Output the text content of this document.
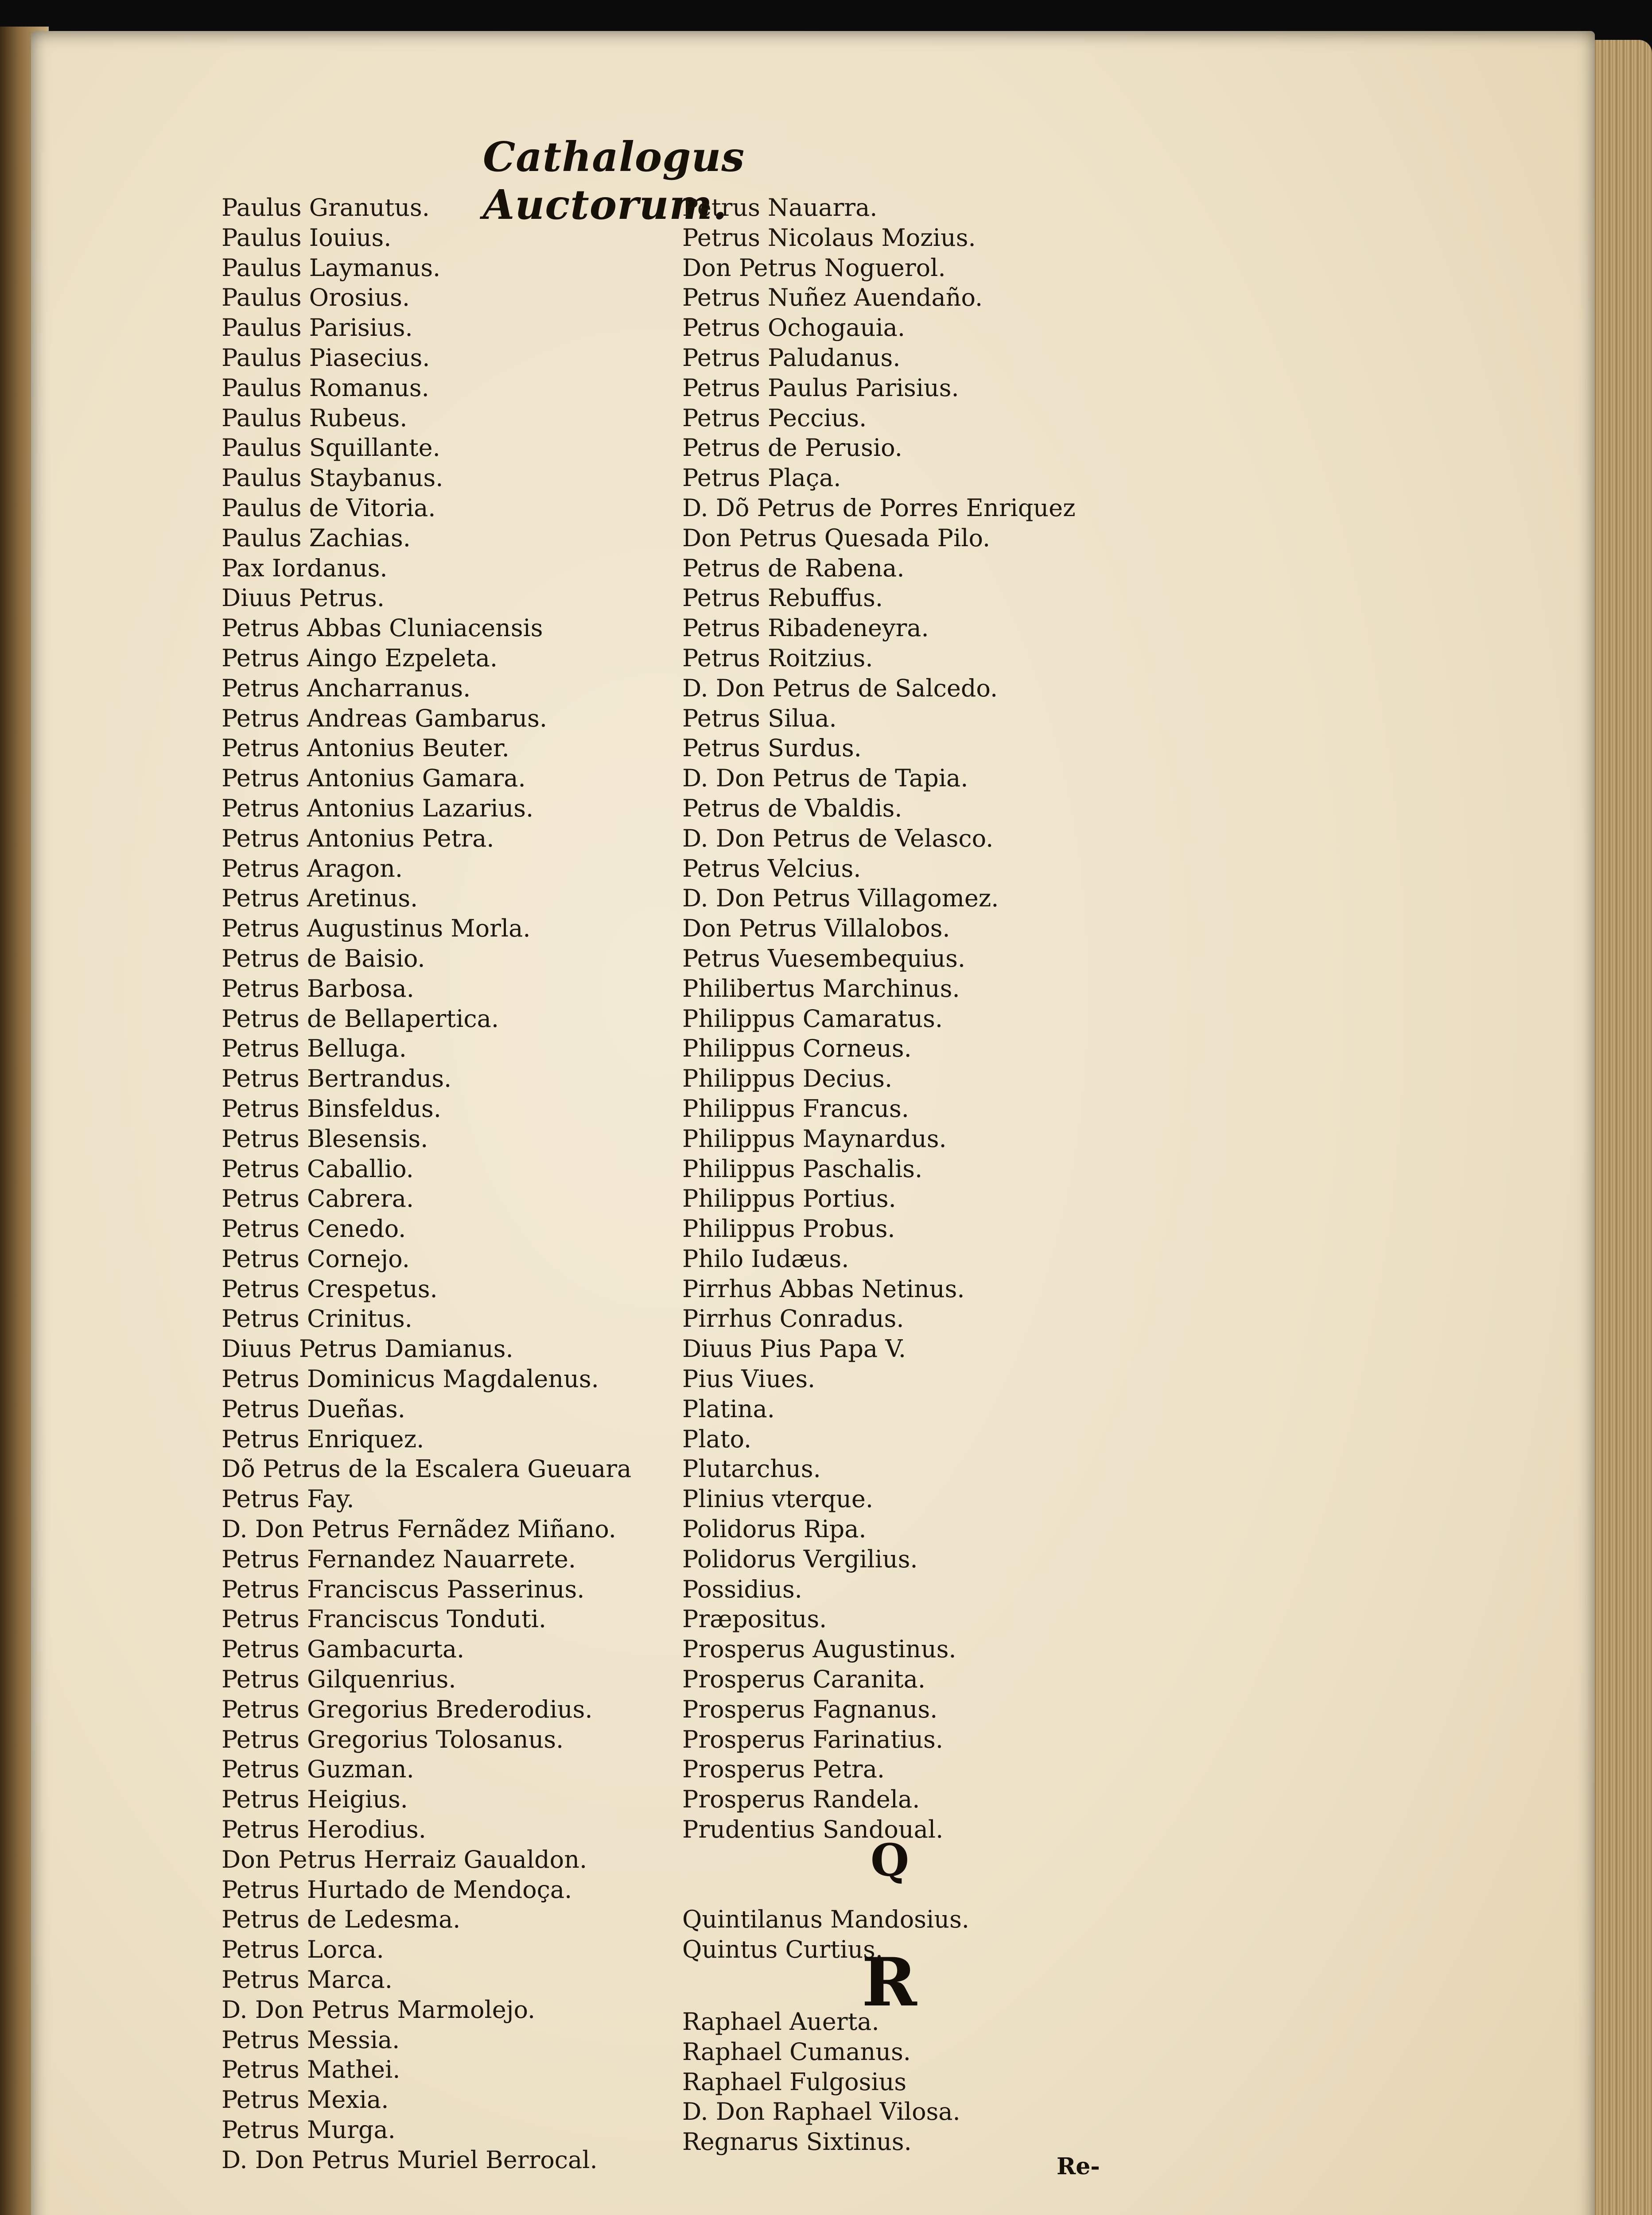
Cathalogus Auctorum.
Paulus Granutus.
Paulus Iouius.
Paulus Laymanus.
Paulus Orosius.
Paulus Parisius.
Paulus Piasecius.
Paulus Romanus.
Paulus Rubeus.
Paulus Squillante.
Paulus Staybanus.
Paulus de Vitoria.
Paulus Zachias.
Pax Iordanus.
Diuus Petrus.
Petrus Abbas Cluniacensis
Petrus Aingo Ezpeleta.
Petrus Ancharranus.
Petrus Andreas Gambarus.
Petrus Antonius Beuter.
Petrus Antonius Gamara.
Petrus Antonius Lazarius.
Petrus Antonius Petra.
Petrus Aragon.
Petrus Aretinus.
Petrus Augustinus Morla.
Petrus de Baisio.
Petrus Barbosa.
Petrus de Bellapertica.
Petrus Belluga.
Petrus Bertrandus.
Petrus Binsfeldus.
Petrus Blesensis.
Petrus Caballio.
Petrus Cabrera.
Petrus Cenedo.
Petrus Cornejo.
Petrus Crespetus.
Petrus Crinitus.
Diuus Petrus Damianus.
Petrus Dominicus Magdalenus.
Petrus Dueñas.
Petrus Enriquez.
Dõ Petrus de la Escalera Gueuara
Petrus Fay.
D. Don Petrus Fernãdez Miñano.
Petrus Fernandez Nauarrete.
Petrus Franciscus Passerinus.
Petrus Franciscus Tonduti.
Petrus Gambacurta.
Petrus Gilquenrius.
Petrus Gregorius Brederodius.
Petrus Gregorius Tolosanus.
Petrus Guzman.
Petrus Heigius.
Petrus Herodius.
Don Petrus Herraiz Gaualdon.
Petrus Hurtado de Mendoça.
Petrus de Ledesma.
Petrus Lorca.
Petrus Marca.
D. Don Petrus Marmolejo.
Petrus Messia.
Petrus Mathei.
Petrus Mexia.
Petrus Murga.
D. Don Petrus Muriel Berrocal.
Petrus Nauarra.
Petrus Nicolaus Mozius.
Don Petrus Noguerol.
Petrus Nuñez Auendaño.
Petrus Ochogauia.
Petrus Paludanus.
Petrus Paulus Parisius.
Petrus Peccius.
Petrus de Perusio.
Petrus Plaça.
D. Dõ Petrus de Porres Enriquez
Don Petrus Quesada Pilo.
Petrus de Rabena.
Petrus Rebuffus.
Petrus Ribadeneyra.
Petrus Roitzius.
D. Don Petrus de Salcedo.
Petrus Silua.
Petrus Surdus.
D. Don Petrus de Tapia.
Petrus de Vbaldis.
D. Don Petrus de Velasco.
Petrus Velcius.
D. Don Petrus Villagomez.
Don Petrus Villalobos.
Petrus Vuesembequius.
Philibertus Marchinus.
Philippus Camaratus.
Philippus Corneus.
Philippus Decius.
Philippus Francus.
Philippus Maynardus.
Philippus Paschalis.
Philippus Portius.
Philippus Probus.
Philo Iudæus.
Pirrhus Abbas Netinus.
Pirrhus Conradus.
Diuus Pius Papa V.
Pius Viues.
Platina.
Plato.
Plutarchus.
Plinius vterque.
Polidorus Ripa.
Polidorus Vergilius.
Possidius.
Præpositus.
Prosperus Augustinus.
Prosperus Caranita.
Prosperus Fagnanus.
Prosperus Farinatius.
Prosperus Petra.
Prosperus Randela.
Prudentius Sandoual.
Quintilanus Mandosius.
Quintus Curtius.
Raphael Auerta.
Raphael Cumanus.
Raphael Fulgosius
D. Don Raphael Vilosa.
Regnarus Sixtinus.
Q
R
Re-
